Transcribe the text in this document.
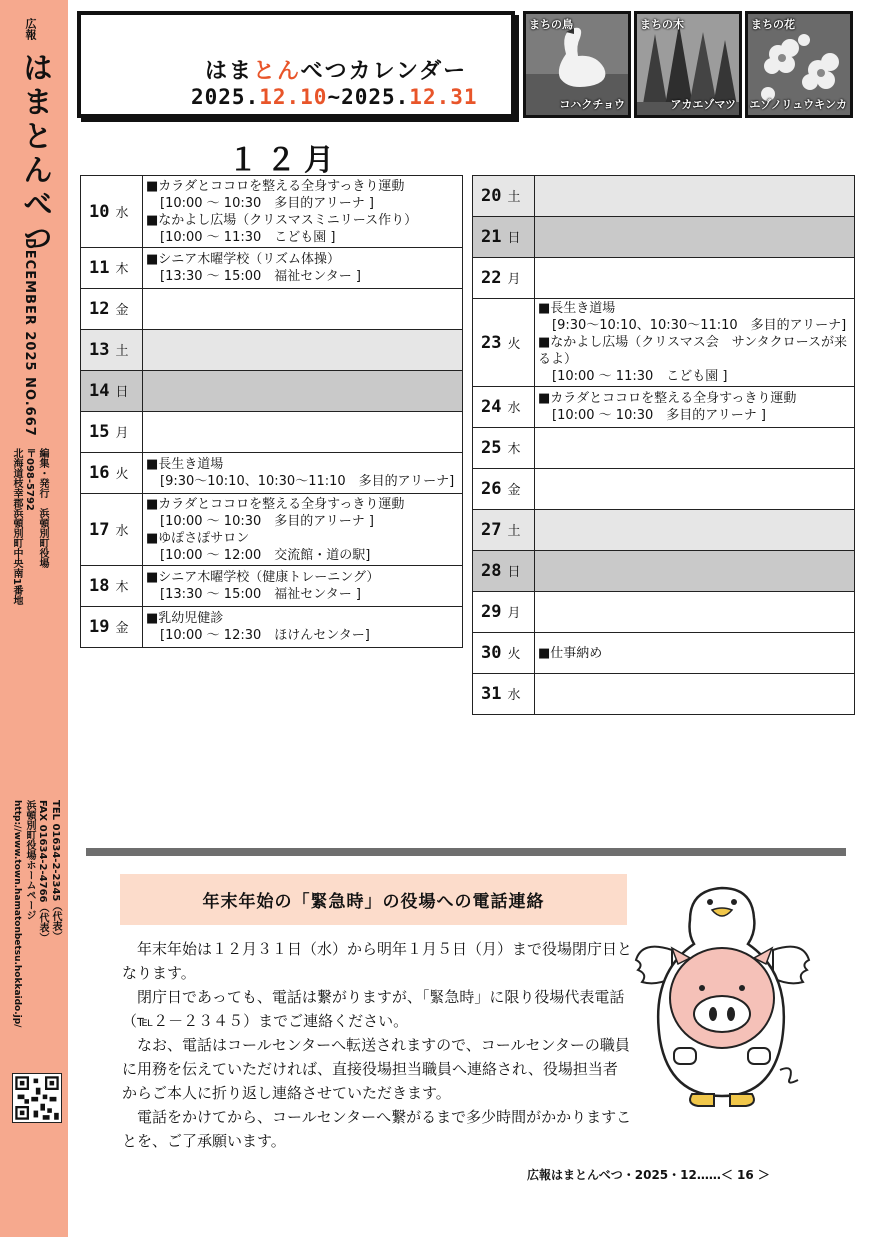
広報
はまとんべつ
DECEMBER 2025 NO.667
編集・発行　浜頓別町役場
〒098-5792
北海道枝幸郡浜頓別町中央南1番地
TEL 01634-2-2345（代表）
FAX 01634-2-4766（代表）
浜頓別町役場ホームページ
http://www.town.hamatonbetsu.hokkaido.jp/
はまとんべつカレンダー
2025.12.10~2025.12.31
まちの鳥
コハクチョウ
まちの木
アカエゾマツ
まちの花
エゾノリュウキンカ
１２月
10 水	■カラダとココロを整える全身すっきり運動
[10:00 ～ 10:30　多目的アリーナ ]
■なかよし広場（クリスマスミニリース作り）
[10:00 ～ 11:30　こども園 ]

11 木	■シニア木曜学校（リズム体操）
[13:30 ～ 15:00　福祉センター ]

12 金	
13 土	
14 日	
15 月	
16 火	■長生き道場
[9:30～10:10、10:30～11:10　多目的アリーナ]

17 水	■カラダとココロを整える全身すっきり運動
[10:00 ～ 10:30　多目的アリーナ ]
■ゆぽさぽサロン
[10:00 ～ 12:00　交流館・道の駅]

18 木	■シニア木曜学校（健康トレーニング）
[13:30 ～ 15:00　福祉センター ]

19 金	■乳幼児健診
[10:00 ～ 12:30　ほけんセンター]
20 土	
21 日	
22 月	
23 火	■長生き道場
[9:30～10:10、10:30～11:10　多目的アリーナ]
■なかよし広場（クリスマス会　サンタクロースが来るよ）
[10:00 ～ 11:30　こども園 ]

24 水	■カラダとココロを整える全身すっきり運動
[10:00 ～ 10:30　多目的アリーナ ]

25 木	
26 金	
27 土	
28 日	
29 月	
30 火	■仕事納め

31 水	
年末年始の「緊急時」の役場への電話連絡

年末年始は１２月３１日（水）から明年１月５日（月）まで役場閉庁日となります。

閉庁日であっても、電話は繋がりますが、「緊急時」に限り役場代表電話（℡２－２３４５）までご連絡ください。

なお、電話はコールセンターへ転送されますので、コールセンターの職員に用務を伝えていただければ、直接役場担当職員へ連絡され、役場担当者からご本人に折り返し連絡させていただきます。

電話をかけてから、コールセンターへ繋がるまで多少時間がかかりますことを、ご了承願います。

広報はまとんべつ・2025・12……＜ 16 ＞
